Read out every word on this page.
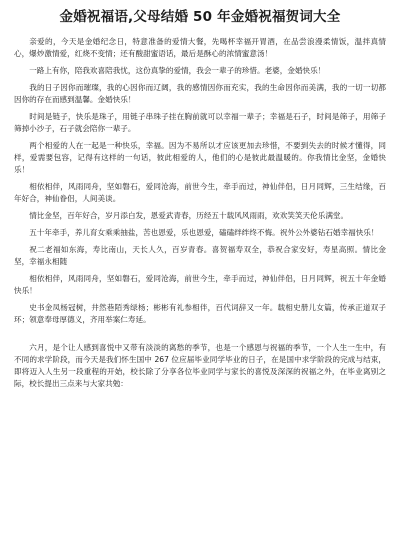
金婚祝福语,父母结婚 50 年金婚祝福贺词大全

亲爱的，今天是金婚纪念日，特意准备的爱情大餐，先喝杯幸福开胃酒，在品尝浪漫柔情饭，温拌真情心，爆炒激情爱，红烧不变情；还有酸甜蜜语话，最后是酥心的浓情蜜意汤！

一路上有你，陪我欢喜陪我忧，这份真挚的爱情，我会一辈子的珍惜。老婆，金婚快乐！

我的日子因你而璀璨，我的心因你而辽阔，我的感情因你而充实，我的生命因你而美满，我的一切一切都因你的存在而感到温馨。金婚快乐！

时间是链子，快乐是珠子，用链子串珠子挂在胸前就可以幸福一辈子；幸福是石子，时间是筛子，用筛子筛掉小沙子，石子就会陪你一辈子。

两个相爱的人在一起是一种快乐，幸福。因为不易所以才应该更加去珍惜，不要到失去的时候才懂得，同样，爱需要包容，记得有这样的一句话，彼此相爱的人，他们的心是彼此最温暖的。你我情比金坚，金婚快乐！

相依相伴，风雨同舟，坚如磐石，爱同沧海，前世今生，牵手而过，神仙伴侣，日月同辉，三生结缘，百年好合，神仙眷侣，人间美谈。

情比金坚，百年好合，岁月添白发，恩爱武青春，历经五十载风风雨雨，欢欢笑笑天伦乐满堂。

五十年牵手，养儿育女乘乘抽盐，苦也恩爱，乐也恩爱，磕磕绊绊终不悔。祝外公外婆钻石婚幸福快乐！

祝二老福如东海，寿比南山，天长人久，百岁青春。喜贺福寿双全，恭祝合家安好，寿星高照。情比金坚，幸福永相随

相依相伴，风雨同舟，坚如磐石，爱同沧海，前世今生，牵手而过，神仙伴侣，日月同辉，祝五十年金婚快乐！

史书金凤杨冠树，井然巷陌秀绿杨；彬彬有礼参相伴，百代词辞又一年。载相史册儿女篇，传承正道双子环；领意奉母厚德义，齐用举案仁寿延。

六月，是个让人感到喜悦中又带有淡淡的离愁的季节，也是一个感恩与祝福的季节，一个人生一生中，有不同的求学阶段，而今天是我们怀生国中 267 位应届毕业同学毕业的日子，在是国中求学阶段的完成与结束，即将迈入人生另一段重程的开始，校长除了分享各位毕业同学与家长的喜悦及深深的祝福之外，在毕业离别之际，校长提出三点来与大家共勉：
